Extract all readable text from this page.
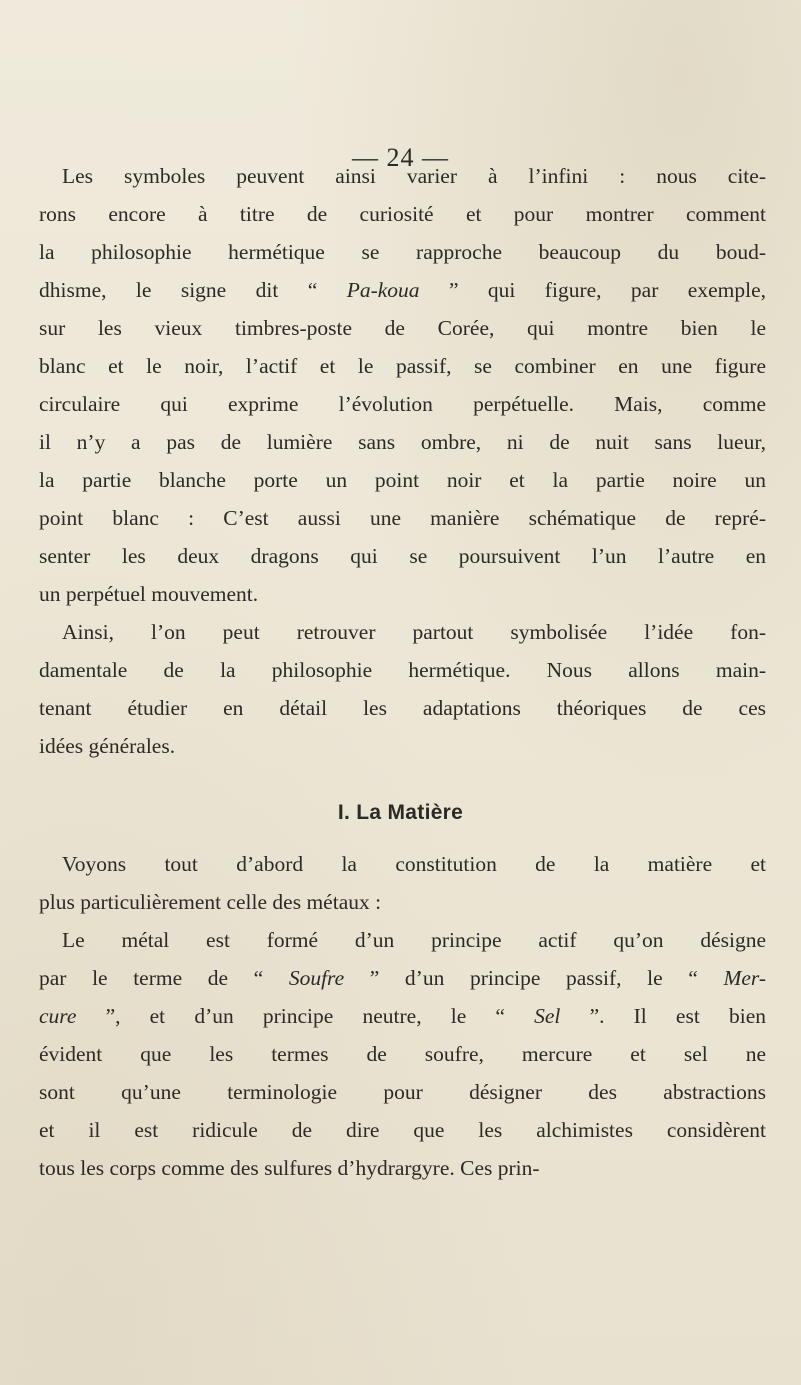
— 24 —
Les symboles peuvent ainsi varier à l’infini : nous cite-
rons encore à titre de curiosité et pour montrer comment
la philosophie hermétique se rapproche beaucoup du boud-
dhisme, le signe dit “ Pa-koua ” qui figure, par exemple,
sur les vieux timbres-poste de Corée, qui montre bien le
blanc et le noir, l’actif et le passif, se combiner en une figure
circulaire qui exprime l’évolution perpétuelle. Mais, comme
il n’y a pas de lumière sans ombre, ni de nuit sans lueur,
la partie blanche porte un point noir et la partie noire un
point blanc : C’est aussi une manière schématique de repré-
senter les deux dragons qui se poursuivent l’un l’autre en
un perpétuel mouvement.
Ainsi, l’on peut retrouver partout symbolisée l’idée fon-
damentale de la philosophie hermétique. Nous allons main-
tenant étudier en détail les adaptations théoriques de ces
idées générales.
I. La Matière
Voyons tout d’abord la constitution de la matière et
plus particulièrement celle des métaux :
Le métal est formé d’un principe actif qu’on désigne
par le terme de “ Soufre ” d’un principe passif, le “ Mer-
cure ”, et d’un principe neutre, le “ Sel ”. Il est bien
évident que les termes de soufre, mercure et sel ne
sont qu’une terminologie pour désigner des abstractions
et il est ridicule de dire que les alchimistes considèrent
tous les corps comme des sulfures d’hydrargyre. Ces prin-
